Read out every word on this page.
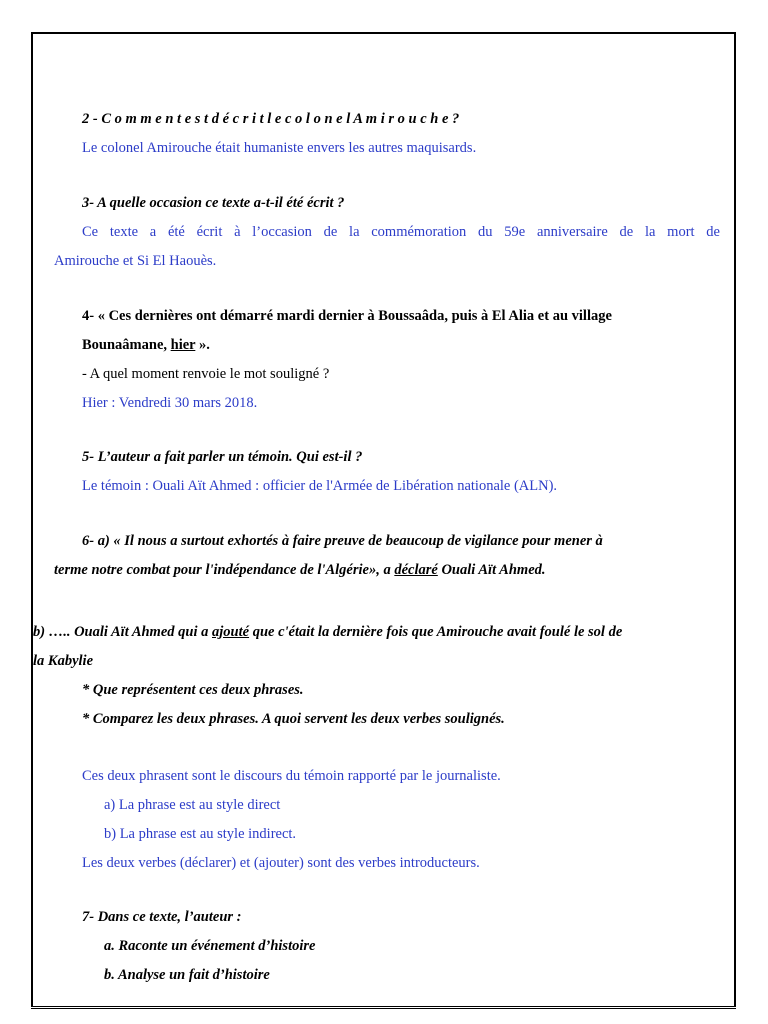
2 - C o m m e n t e s t d é c r i t l e c o l o n e l A m i r o u c h e ?
Le colonel Amirouche était humaniste envers les autres maquisards.
3- A quelle occasion ce texte a-t-il été écrit ?
Ce texte a été écrit à l’occasion de la commémoration du 59e anniversaire de la mort de
Amirouche et Si El Haouès.
4- « Ces dernières ont démarré mardi dernier à Boussaâda, puis à El Alia et au village
Bounaâmane, hier ».
- A quel moment renvoie le mot souligné ?
Hier : Vendredi 30 mars 2018.
5- L’auteur a fait parler un témoin. Qui est-il ?
Le témoin : Ouali Aït Ahmed : officier de l'Armée de Libération nationale (ALN).
6- a) « Il nous a surtout exhortés à faire preuve de beaucoup de vigilance pour mener à
terme notre combat pour l'indépendance de l'Algérie», a déclaré Ouali Aït Ahmed.
b) ….. Ouali Aït Ahmed qui a ajouté que c'était la dernière fois que Amirouche avait foulé le sol de
la Kabylie
* Que représentent ces deux phrases.
* Comparez les deux phrases. A quoi servent les deux verbes soulignés.
Ces deux phrasent sont le discours du témoin rapporté par le journaliste.
a) La phrase est au style direct
b) La phrase est au style indirect.
Les deux verbes (déclarer) et (ajouter) sont des verbes introducteurs.
7- Dans ce texte, l’auteur :
a. Raconte un événement d’histoire
b. Analyse un fait d’histoire
